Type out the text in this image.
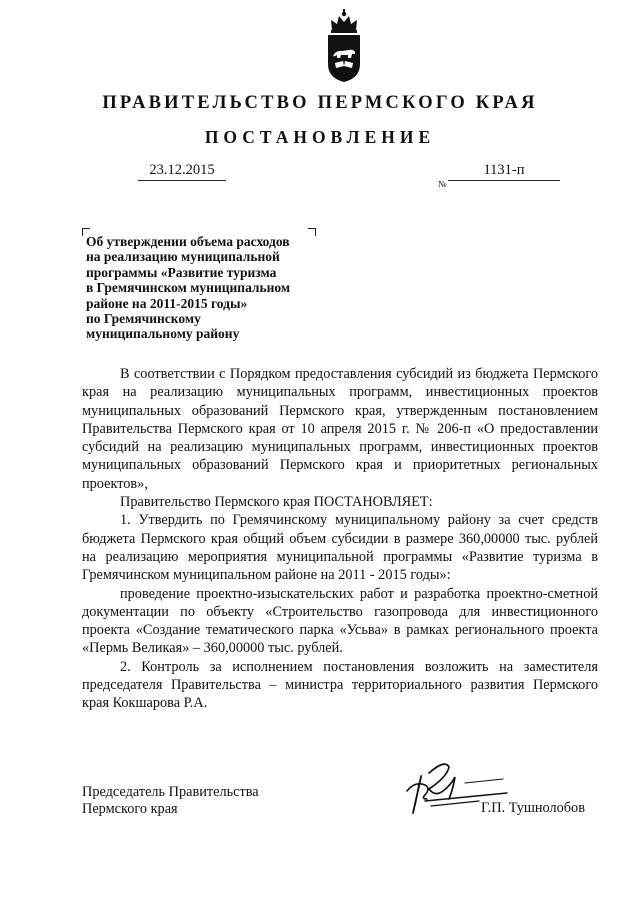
ПРАВИТЕЛЬСТВО ПЕРМСКОГО КРАЯ
ПОСТАНОВЛЕНИЕ
23.12.2015
№
1131-п
Об утверждении объема расходов
на реализацию муниципальной
программы «Развитие туризма
в Гремячинском муниципальном
районе на 2011-2015 годы»
по Гремячинскому
муниципальному району

В соответствии с Порядком предоставления субсидий из бюджета Пермского края на реализацию муниципальных программ, инвестиционных проектов муниципальных образований Пермского края, утвержденным постановлением Правительства Пермского края от 10 апреля 2015 г. № 206-п «О предоставлении субсидий на реализацию муниципальных программ, инвестиционных проектов муниципальных образований Пермского края и приоритетных региональных проектов»,

Правительство Пермского края ПОСТАНОВЛЯЕТ:

1. Утвердить по Гремячинскому муниципальному району за счет средств бюджета Пермского края общий объем субсидии в размере 360,00000 тыс. рублей на реализацию мероприятия муниципальной программы «Развитие туризма в Гремячинском муниципальном районе на 2011 - 2015 годы»:

проведение проектно-изыскательских работ и разработка проектно-сметной документации по объекту «Строительство газопровода для инвестиционного проекта «Создание тематического парка «Усьва» в рамках регионального проекта «Пермь Великая» – 360,00000 тыс. рублей.

2. Контроль за исполнением постановления возложить на заместителя председателя Правительства – министра территориального развития Пермского края Кокшарова Р.А.

Председатель Правительства
Пермского края	Г.П. Тушнолобов
